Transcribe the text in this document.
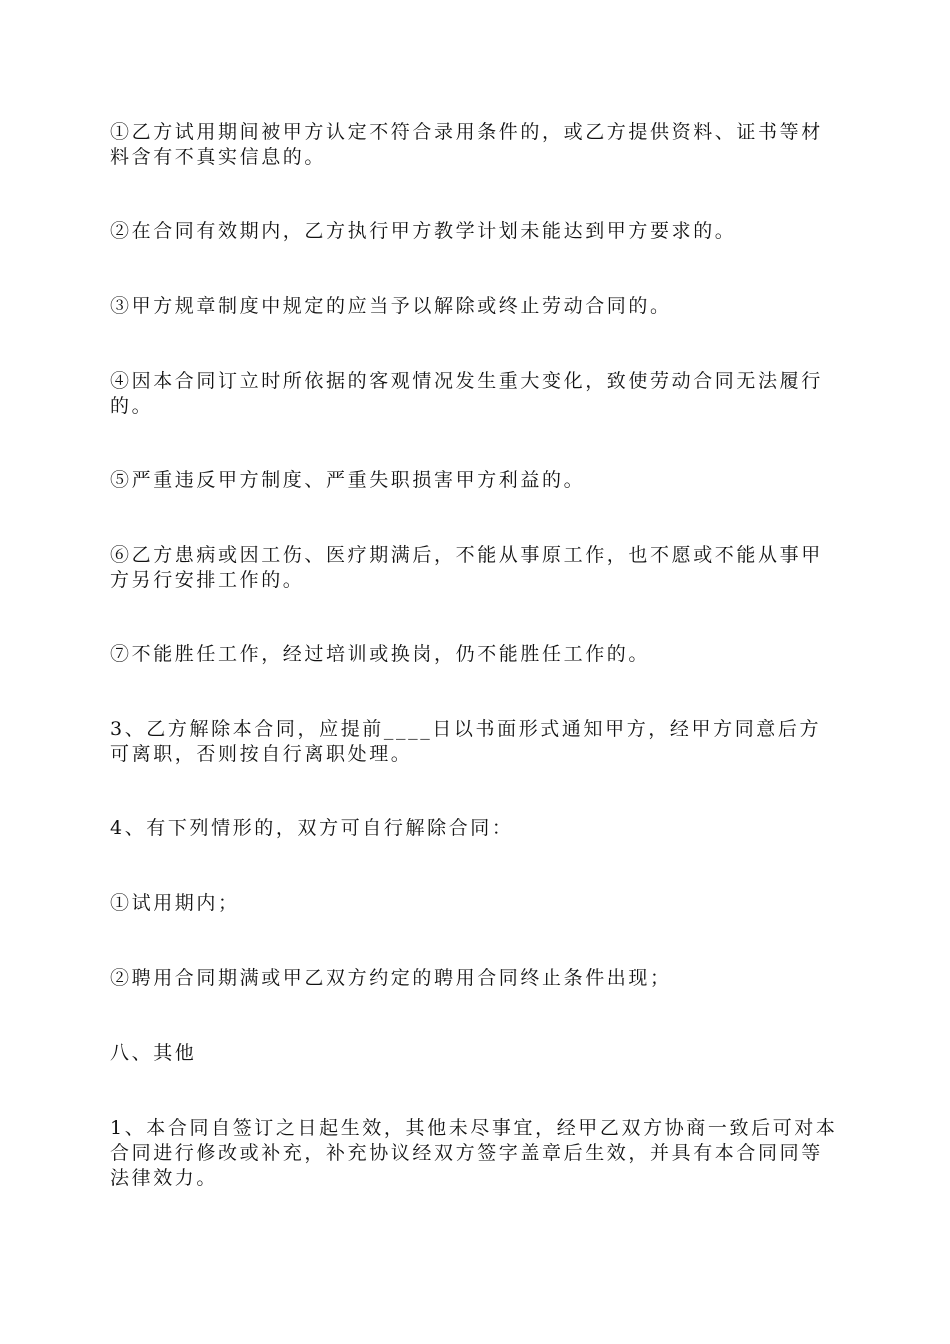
①乙方试用期间被甲方认定不符合录用条件的，或乙方提供资料、证书等材料含有不真实信息的。

②在合同有效期内，乙方执行甲方教学计划未能达到甲方要求的。

③甲方规章制度中规定的应当予以解除或终止劳动合同的。

④因本合同订立时所依据的客观情况发生重大变化，致使劳动合同无法履行的。

⑤严重违反甲方制度、严重失职损害甲方利益的。

⑥乙方患病或因工伤、医疗期满后，不能从事原工作，也不愿或不能从事甲方另行安排工作的。

⑦不能胜任工作，经过培训或换岗，仍不能胜任工作的。

3、乙方解除本合同，应提前____日以书面形式通知甲方，经甲方同意后方可离职，否则按自行离职处理。

4、有下列情形的，双方可自行解除合同：

①试用期内；

②聘用合同期满或甲乙双方约定的聘用合同终止条件出现；

八、其他

1、本合同自签订之日起生效，其他未尽事宜，经甲乙双方协商一致后可对本合同进行修改或补充，补充协议经双方签字盖章后生效，并具有本合同同等法律效力。
